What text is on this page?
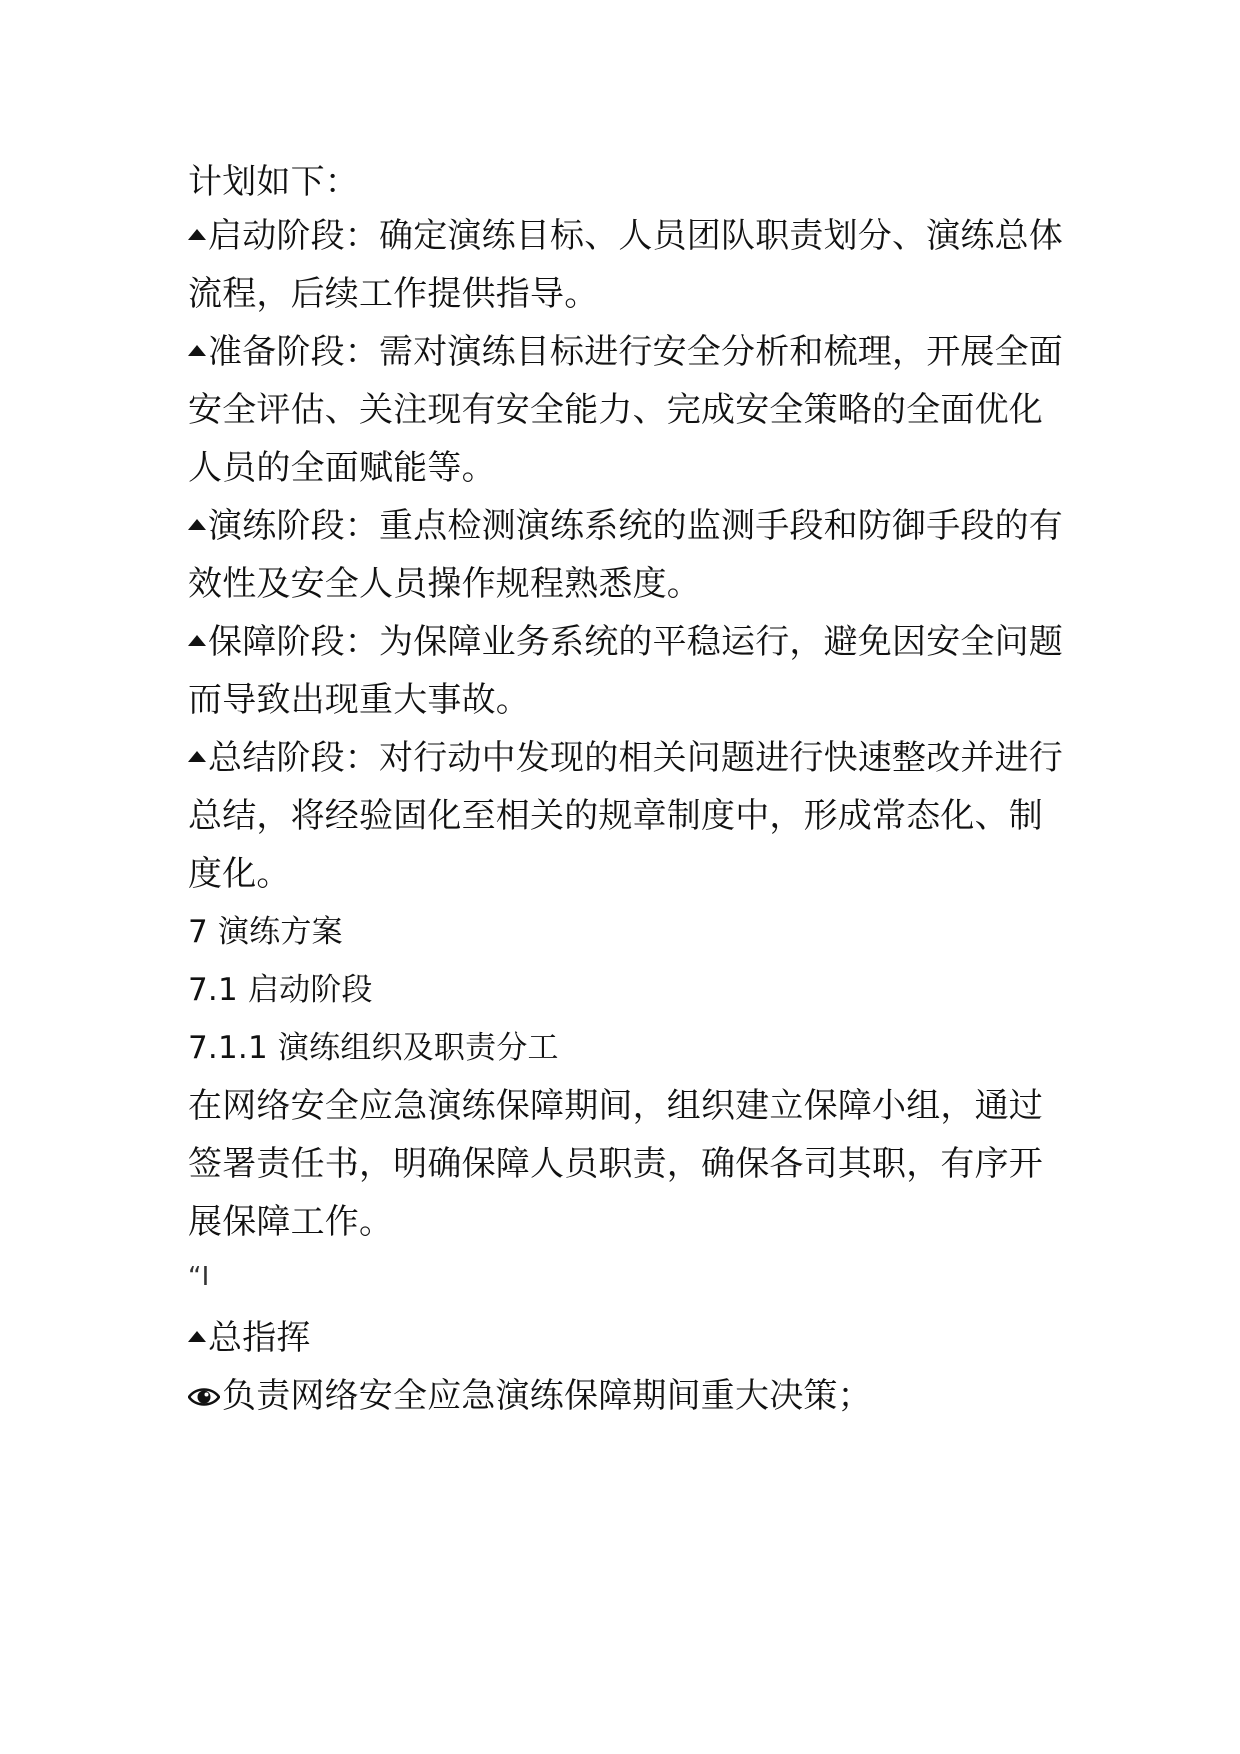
计划如下：
启动阶段：确定演练目标、人员团队职责划分、演练总体
流程，后续工作提供指导。
准备阶段：需对演练目标进行安全分析和梳理，开展全面
安全评估、关注现有安全能力、完成安全策略的全面优化
人员的全面赋能等。
演练阶段：重点检测演练系统的监测手段和防御手段的有
效性及安全人员操作规程熟悉度。
保障阶段：为保障业务系统的平稳运行，避免因安全问题
而导致出现重大事故。
总结阶段：对行动中发现的相关问题进行快速整改并进行
总结，将经验固化至相关的规章制度中，形成常态化、制
度化。
7 演练方案
7.1 启动阶段
7.1.1 演练组织及职责分工
在网络安全应急演练保障期间，组织建立保障小组，通过
签署责任书，明确保障人员职责，确保各司其职，有序开
展保障工作。
“I
总指挥
负责网络安全应急演练保障期间重大决策；
